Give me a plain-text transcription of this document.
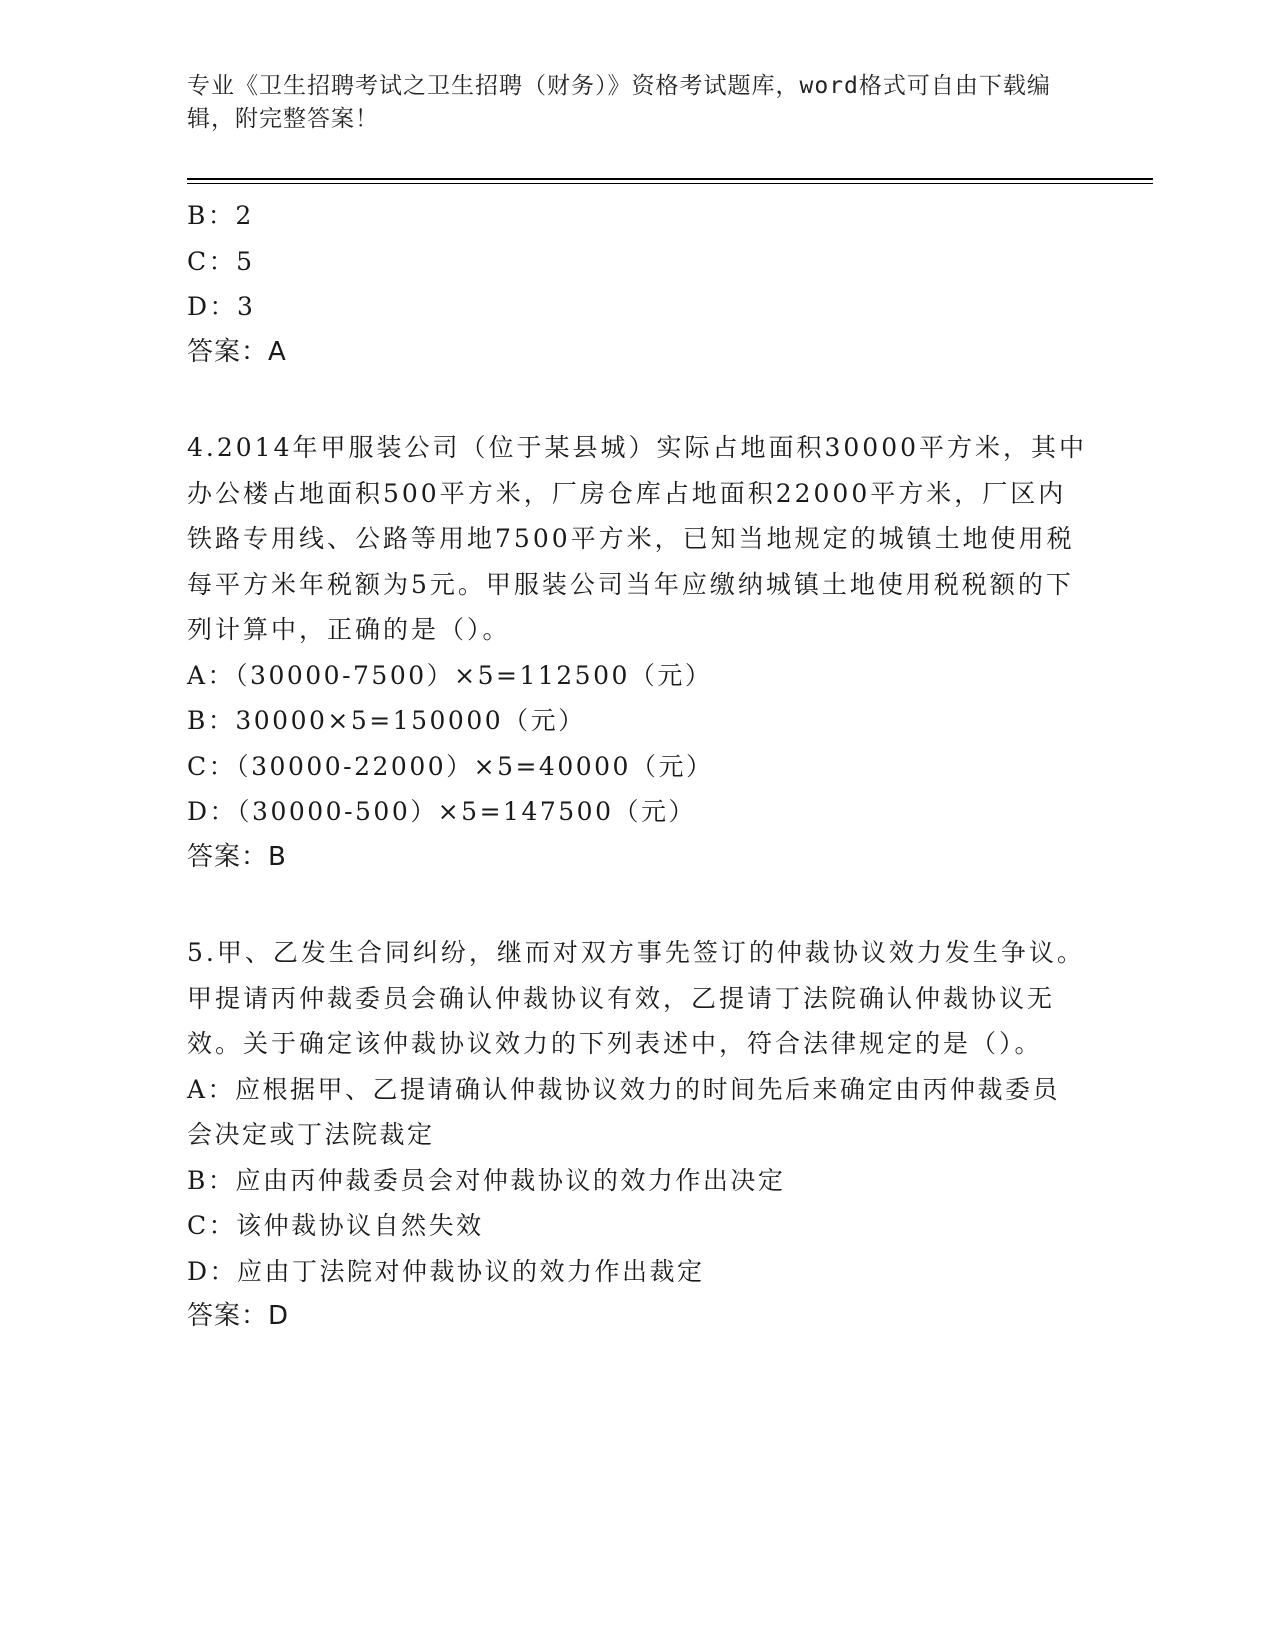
专业《卫生招聘考试之卫生招聘（财务）》资格考试题库，word格式可自由下载编辑，附完整答案！
B：2
C：5
D：3
答案：A
4.2014年甲服装公司（位于某县城）实际占地面积30000平方米，其中办公楼占地面积500平方米，厂房仓库占地面积22000平方米，厂区内铁路专用线、公路等用地7500平方米，已知当地规定的城镇土地使用税每平方米年税额为5元。甲服装公司当年应缴纳城镇土地使用税税额的下列计算中，正确的是（）。
A：（30000-7500）×5=112500（元）
B：30000×5=150000（元）
C：（30000-22000）×5=40000（元）
D：（30000-500）×5=147500（元）
答案：B
5.甲、乙发生合同纠纷，继而对双方事先签订的仲裁协议效力发生争议。甲提请丙仲裁委员会确认仲裁协议有效，乙提请丁法院确认仲裁协议无效。关于确定该仲裁协议效力的下列表述中，符合法律规定的是（）。
A：应根据甲、乙提请确认仲裁协议效力的时间先后来确定由丙仲裁委员会决定或丁法院裁定
B：应由丙仲裁委员会对仲裁协议的效力作出决定
C：该仲裁协议自然失效
D：应由丁法院对仲裁协议的效力作出裁定
答案：D
